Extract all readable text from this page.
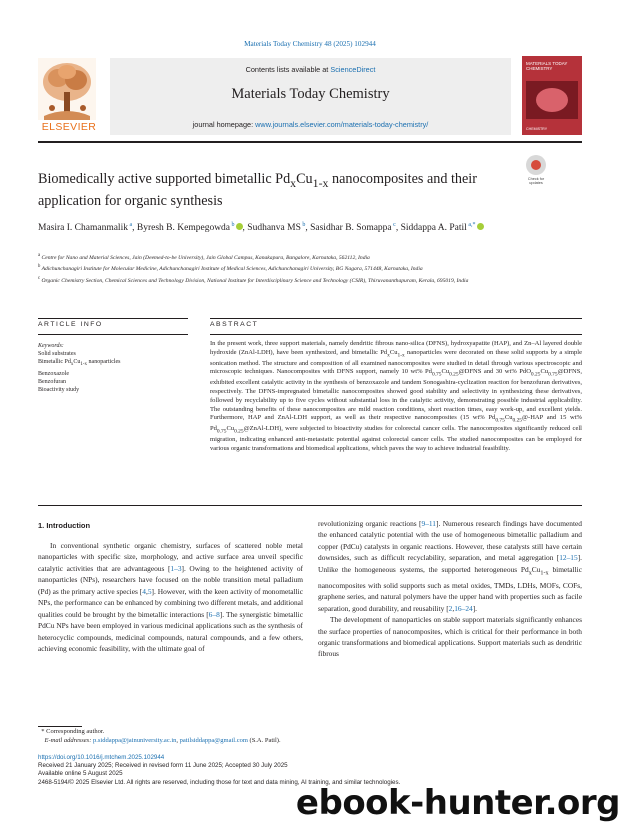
Materials Today Chemistry 48 (2025) 102944
ELSEVIER
Contents lists available at ScienceDirect
Materials Today Chemistry
journal homepage: www.journals.elsevier.com/materials-today-chemistry/
MATERIALS TODAY CHEMISTRY
CHEMISTRY
Biomedically active supported bimetallic $Pd_xCu_{1-x}$ nanocomposites and their application for organic synthesis
Check for updates
Masira I. Chamanmalik $^a$, Byresh B. Kempegowda $^b$ , Sudhanva MS $^b$, Sasidhar B. Somappa $^c$, Siddappa A. Patil $^{a,*}$
$^a$ Centre for Nano and Material Sciences, Jain (Deemed-to-be University), Jain Global Campus, Kanakapura, Bangalore, Karnataka, 562112, India
$^b$ Adichunchanagiri Institute for Molecular Medicine, Adichunchanagiri Institute of Medical Sciences, Adichunchanagiri University, BG Nagara, 571448, Karnataka, India
$^c$ Organic Chemistry Section, Chemical Sciences and Technology Division, National Institute for Interdisciplinary Science and Technology (CSIR), Thiruvananthapuram, Kerala, 695019, India
ARTICLE INFO	ABSTRACT
Keywords:
Solid substrates
Bimetallic $Pd_xCu_{1-x}$ nanoparticles
Benzoxazole
Benzofuran
Bioactivity study
In the present work, three support materials, namely dendritic fibrous nano-silica (DFNS), hydroxyapatite (HAP), and Zn–Al layered double hydroxide (ZnAl-LDH), have been synthesized, and bimetallic $Pd_xCu_{1-x}$ nanoparticles were decorated on these solid supports by a simple sonication method. The structure and composition of all examined nanocomposites were studied in detail through various spectroscopic and microscopic techniques. Nanocomposites with DFNS support, namely 10 wt% $Pd_{0.75}Cu_{0.25}@DFNS$ and 30 wt% $PdO_{0.25}Cu_{0.75}@DFNS$, exhibited excellent catalytic activity in the synthesis of benzoxazole and tandem Sonogashira-cyclization reaction for benzofuran derivatives, respectively. The DFNS-impregnated bimetallic nanocomposites showed good stability and selectivity in synthesizing these derivatives, followed by recyclability up to five cycles without substantial loss in the catalytic activity, demonstrating possible industrial applicability. The outstanding benefits of these nanocomposites are mild reaction conditions, short reaction times, easy work-up, and excellent yields. Furthermore, HAP and ZnAl-LDH support, as well as their respective nanocomposites (15 wt% $Pd_{0.75}Cu_{0.25}@$-HAP and 15 wt% $Pd_{0.75}Cu_{0.25}@ZnAl-LDH$), were subjected to bioactivity studies for colorectal cancer cells. The nanocomposites significantly reduced cell migration, indicating enhanced anti-metastatic potential against colorectal cancer cells. The studied nanocomposites can be employed for various organic transformations and biomedical applications, which paves the way to achieve industrial feasibility.
1. Introduction

In conventional synthetic organic chemistry, surfaces of scattered noble metal nanoparticles with specific size, morphology, and active surface area unveil specific catalytic activities that are advantageous [1–3]. Owing to the heightened activity of nanoparticles (NPs), researchers have focused on the noble transition metal palladium (Pd) as the primary active species [4,5]. However, with the keen activity of monometallic NPs, the performance can be enhanced by combining two different metals, and additional qualities could be brought by the bimetallic interactions [6–8]. The synergistic bimetallic PdCu NPs have been employed in various medicinal applications such as the synthesis of heterocyclic compounds, medicinal compounds, natural compounds, and a few others, achieving economic feasibility, with the ultimate goal of

revolutionizing organic reactions [9–11]. Numerous research findings have documented the enhanced catalytic potential with the use of homogeneous bimetallic palladium and copper (PdCu) catalysts in organic reactions. However, these catalysts still have certain downsides, such as difficult recyclability, separation, and metal aggregation [12–15]. Unlike the homogeneous systems, the supported heterogeneous $Pd_xCu_{1-x}$ bimetallic nanocomposites with solid supports such as metal oxides, TMDs, LDHs, MOFs, COFs, graphene series, and natural polymers have the upper hand with properties such as facile separation, good durability, and reusability [2,16–24].

The development of nanoparticles on stable support materials significantly enhances the surface properties of nanocomposites, which is critical for their performance in both organic transformations and biomedical applications. Support materials such as dendritic fibrous

* Corresponding author.
E-mail addresses: p.siddappa@jainuniversity.ac.in, patilsiddappa@gmail.com (S.A. Patil).
https://doi.org/10.1016/j.mtchem.2025.102944
Received 21 January 2025; Received in revised form 11 June 2025; Accepted 30 July 2025
Available online 5 August 2025
2468-5194/© 2025 Elsevier Ltd. All rights are reserved, including those for text and data mining, AI training, and similar technologies.
ebook-hunter.org
